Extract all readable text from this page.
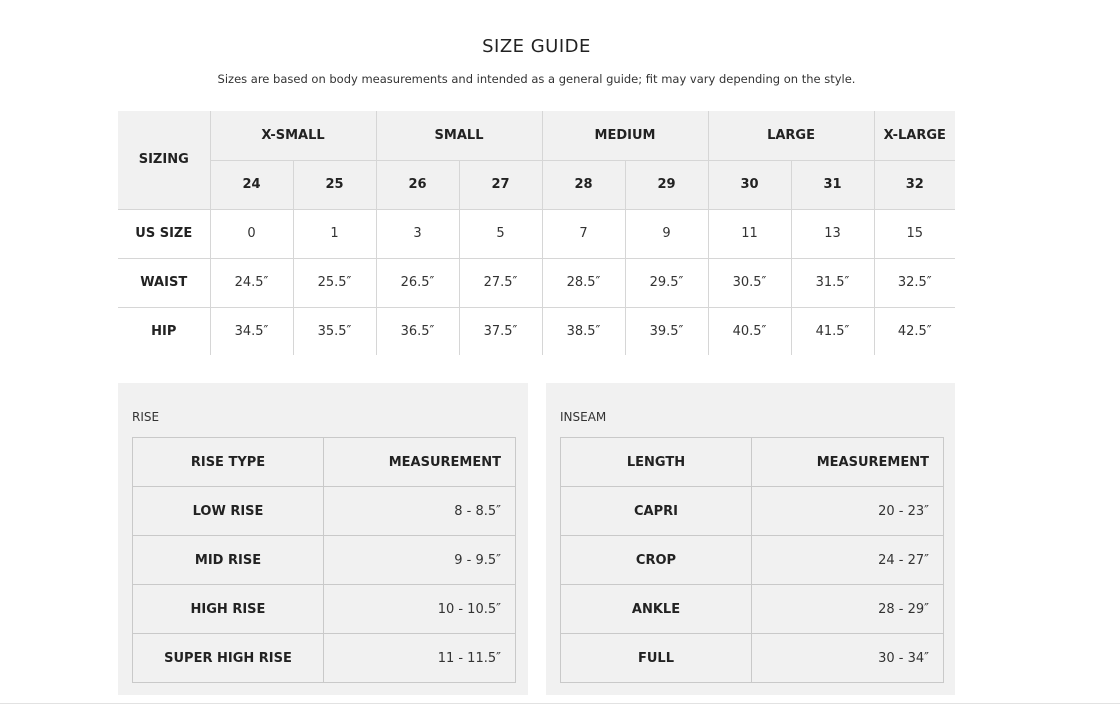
SIZE GUIDE
Sizes are based on body measurements and intended as a general guide; fit may vary depending on the style.
SIZING	X-SMALL		SMALL		MEDIUM		LARGE		X-LARGE
	24	25	26	27	28	29	30	31	32
US SIZE	0	1	3	5	7	9	11	13	15
WAIST	24.5″	25.5″	26.5″	27.5″	28.5″	29.5″	30.5″	31.5″	32.5″
HIP	34.5″	35.5″	36.5″	37.5″	38.5″	39.5″	40.5″	41.5″	42.5″
RISE
RISE TYPE	MEASUREMENT
LOW RISE	8 - 8.5″
MID RISE	9 - 9.5″
HIGH RISE	10 - 10.5″
SUPER HIGH RISE	11 - 11.5″
INSEAM
LENGTH	MEASUREMENT
CAPRI	20 - 23″
CROP	24 - 27″
ANKLE	28 - 29″
FULL	30 - 34″
